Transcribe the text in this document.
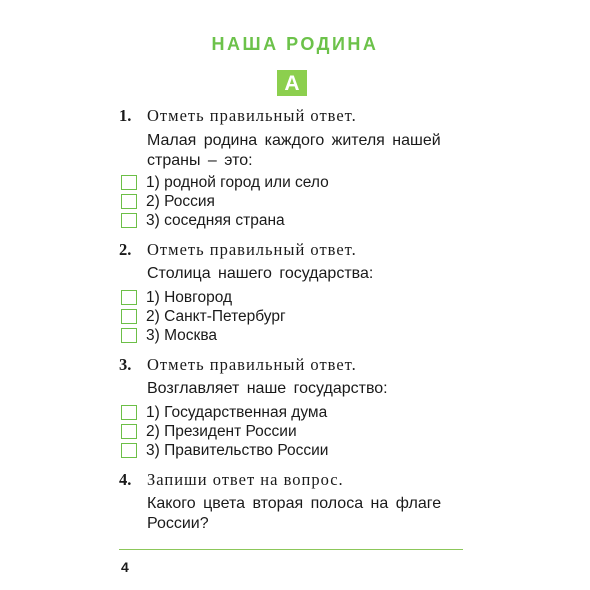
НАША РОДИНА
А
1. Отметь правильный ответ.
Малая родина каждого жителя нашей
страны – это:
1) родной город или село
2) Россия
3) соседняя страна
2. Отметь правильный ответ.
Столица нашего государства:
1) Новгород
2) Санкт-Петербург
3) Москва
3. Отметь правильный ответ.
Возглавляет наше государство:
1) Государственная дума
2) Президент России
3) Правительство России
4. Запиши ответ на вопрос.
Какого цвета вторая полоса на флаге
России?
4
